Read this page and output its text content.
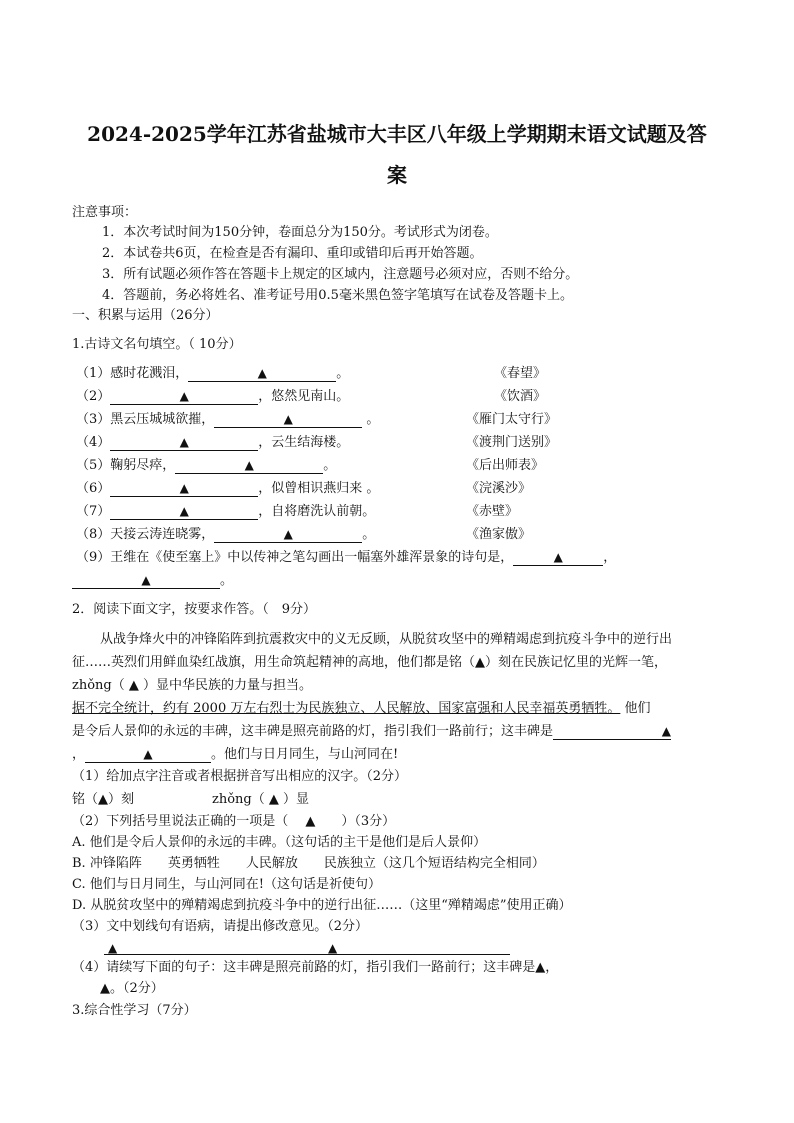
2024-2025学年江苏省盐城市大丰区八年级上学期期末语文试题及答
案
注意事项：
1．本次考试时间为150分钟，卷面总分为150分。考试形式为闭卷。
2．本试卷共6页，在检查是否有漏印、重印或错印后再开始答题。
3．所有试题必须作答在答题卡上规定的区域内，注意题号必须对应，否则不给分。
4．答题前，务必将姓名、准考证号用0.5毫米黑色签字笔填写在试卷及答题卡上。
一、积累与运用（26分）
1.古诗文名句填空。（ 10分）
（1）感时花溅泪，	▲	。	《春望》
（2）	▲	，悠然见南山。	《饮酒》
（3）黑云压城城欲摧，	▲	。	《雁门太守行》
（4）	▲	，云生结海楼。	《渡荆门送别》
（5）鞠躬尽瘁，	▲	。	《后出师表》
（6）	▲	，似曾相识燕归来 。	《浣溪沙》
（7）	▲	，自将磨洗认前朝。	《赤壁》
（8）天接云涛连晓雾，	▲	。	《渔家傲》
（9）王维在《使至塞上》中以传神之笔勾画出一幅塞外雄浑景象的诗句是，	▲	，
▲	。
2．阅读下面文字，按要求作答。（　9分）
从战争烽火中的冲锋陷阵到抗震救灾中的义无反顾，从脱贫攻坚中的殚精竭虑到抗疫斗争中的逆行出
征……英烈们用鲜血染红战旗，用生命筑起精神的高地，他们都是铭（▲）刻在民族记忆里的光辉一笔，
zhǒng（ ▲ ）显中华民族的力量与担当。
据不完全统计，约有 2000 万左右烈士为民族独立、人民解放、国家富强和人民幸福英勇牺牲。 他们
是令后人景仰的永远的丰碑，这丰碑是照亮前路的灯，指引我们一路前行；这丰碑是	▲
，	▲	。他们与日月同生，与山河同在!
（1）给加点字注音或者根据拼音写出相应的汉字。（2分）
铭（▲）刻	zhǒng（ ▲ ）显
（2）下列括号里说法正确的一项是（　 ▲　　）（3分）
A. 他们是令后人景仰的永远的丰碑。（这句话的主干是他们是后人景仰）
B. 冲锋陷阵　　英勇牺牲　　人民解放　　民族独立（这几个短语结构完全相同）
C. 他们与日月同生，与山河同在!（这句话是祈使句）
D. 从脱贫攻坚中的殚精竭虑到抗疫斗争中的逆行出征……（这里“殚精竭虑”使用正确）
（3）文中划线句有语病，请提出修改意见。（2分）
▲	▲
（4）请续写下面的句子：这丰碑是照亮前路的灯，指引我们一路前行；这丰碑是▲，
▲。（2分）
3.综合性学习（7分）
